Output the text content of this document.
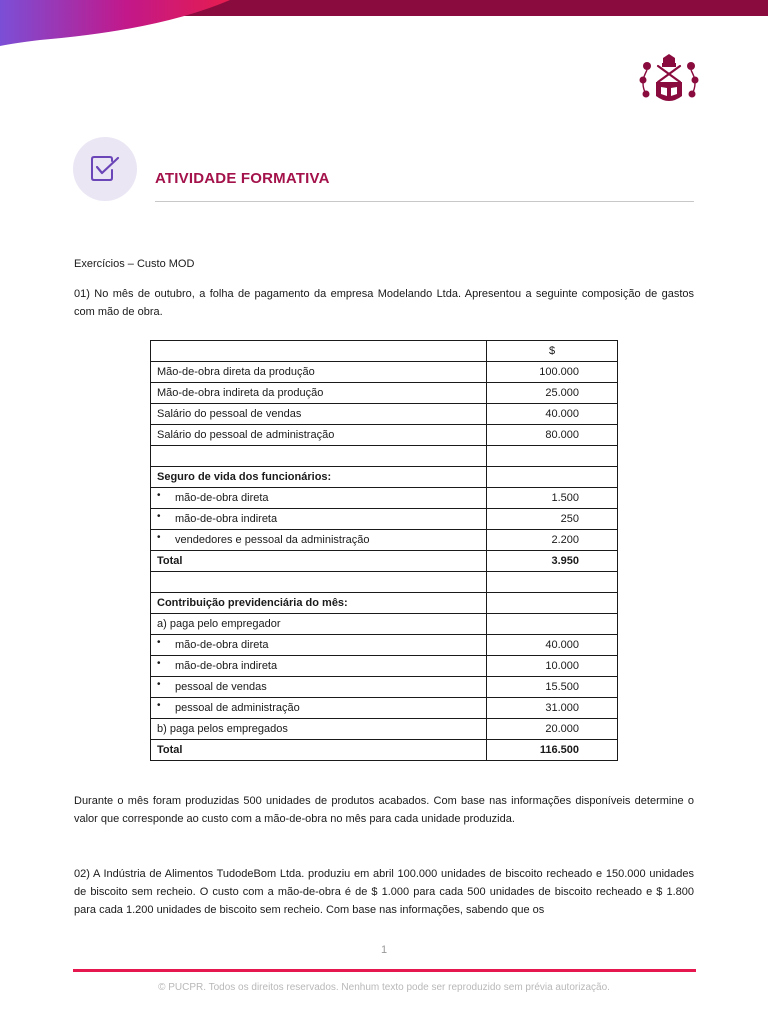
ATIVIDADE FORMATIVA
Exercícios – Custo MOD
01) No mês de outubro, a folha de pagamento da empresa Modelando Ltda. Apresentou a seguinte composição de gastos com mão de obra.
	$
Mão-de-obra direta da produção	100.000
Mão-de-obra indireta da produção	25.000
Salário do pessoal de vendas	40.000
Salário do pessoal de administração	80.000

Seguro de vida dos funcionários:	
• mão-de-obra direta	1.500
• mão-de-obra indireta	250
• vendedores e pessoal da administração	2.200
Total	3.950

Contribuição previdenciária do mês:	
a) paga pelo empregador	
• mão-de-obra direta	40.000
• mão-de-obra indireta	10.000
• pessoal de vendas	15.500
• pessoal de administração	31.000
b) paga pelos empregados	20.000
Total	116.500
Durante o mês foram produzidas 500 unidades de produtos acabados. Com base nas informações disponíveis determine o valor que corresponde ao custo com a mão-de-obra no mês para cada unidade produzida.
02) A Indústria de Alimentos TudodeBom Ltda. produziu em abril 100.000 unidades de biscoito recheado e 150.000 unidades de biscoito sem recheio. O custo com a mão-de-obra é de $ 1.000 para cada 500 unidades de biscoito recheado e $ 1.800 para cada 1.200 unidades de biscoito sem recheio. Com base nas informações, sabendo que os
1
© PUCPR. Todos os direitos reservados. Nenhum texto pode ser reproduzido sem prévia autorização.
